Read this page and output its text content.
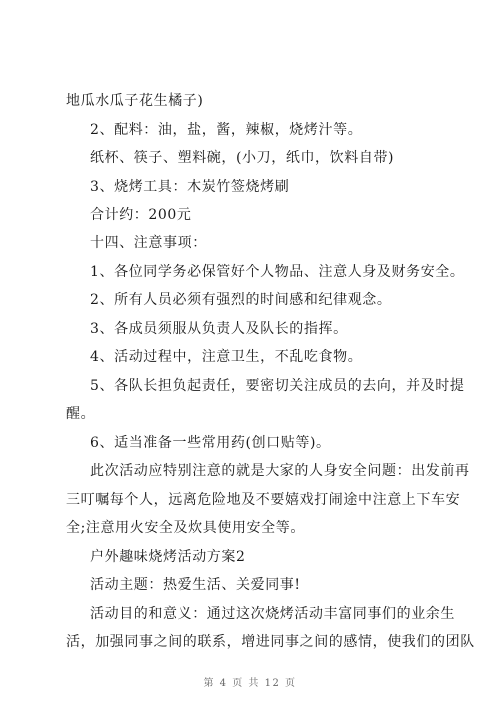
地瓜水瓜子花生橘子)
2、配料：油，盐，酱，辣椒，烧烤汁等。
纸杯、筷子、塑料碗，(小刀，纸巾，饮料自带)
3、烧烤工具：木炭竹签烧烤刷
合计约：200元
十四、注意事项：
1、各位同学务必保管好个人物品、注意人身及财务安全。
2、所有人员必须有强烈的时间感和纪律观念。
3、各成员须服从负责人及队长的指挥。
4、活动过程中，注意卫生，不乱吃食物。
5、各队长担负起责任，要密切关注成员的去向，并及时提
醒。
6、适当准备一些常用药(创口贴等)。
此次活动应特别注意的就是大家的人身安全问题：出发前再
三叮嘱每个人，远离危险地及不要嬉戏打闹途中注意上下车安
全;注意用火安全及炊具使用安全等。
户外趣味烧烤活动方案2
活动主题：热爱生活、关爱同事!
活动目的和意义：通过这次烧烤活动丰富同事们的业余生
活，加强同事之间的联系，增进同事之间的感情，使我们的团队
第 4 页 共 12 页
